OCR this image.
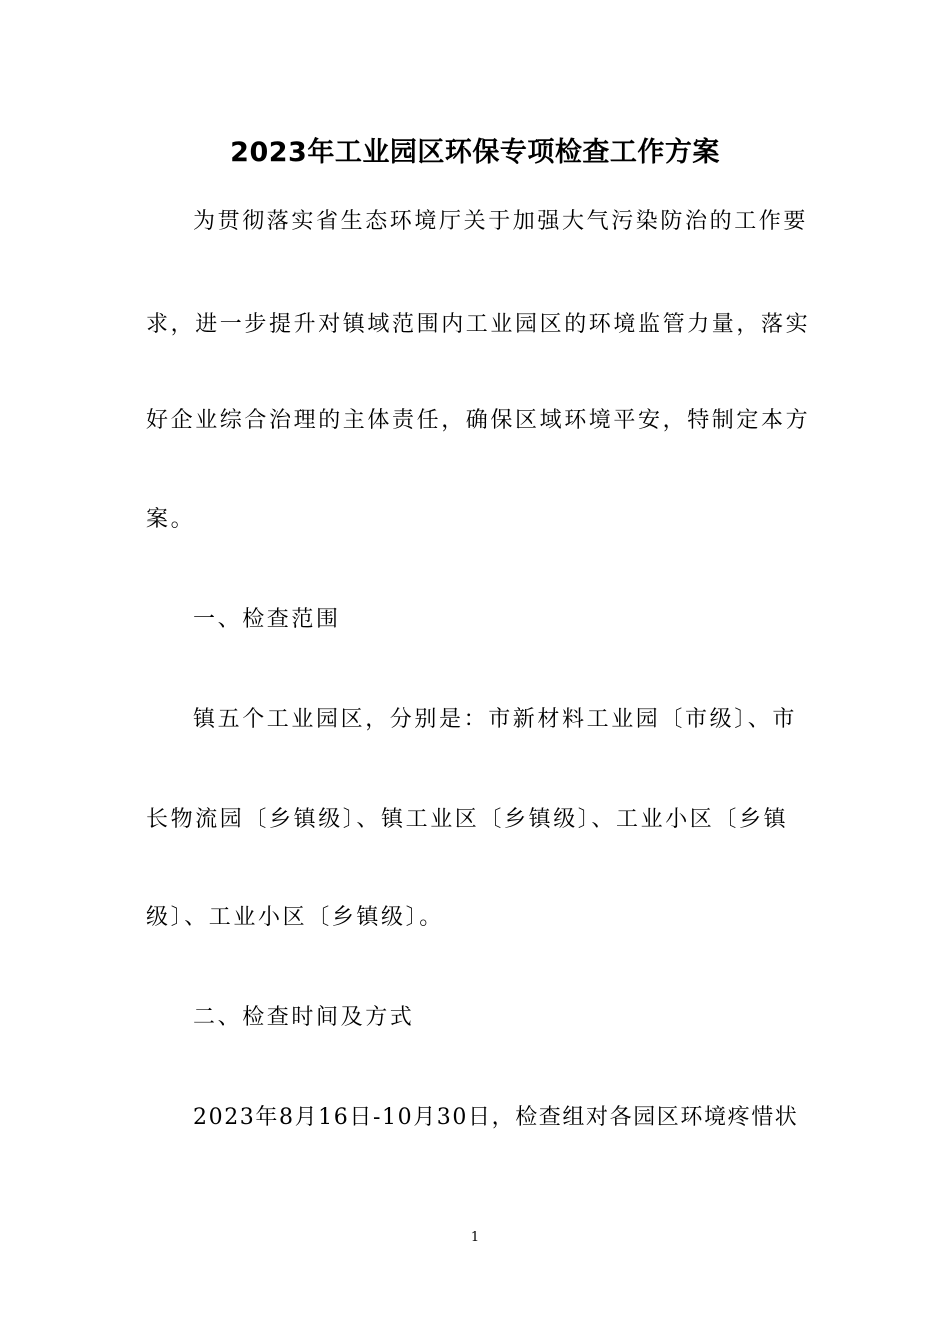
2023年工业园区环保专项检查工作方案
为贯彻落实省生态环境厅关于加强大气污染防治的工作要
求，进一步提升对镇域范围内工业园区的环境监管力量，落实
好企业综合治理的主体责任，确保区域环境平安，特制定本方
案。
一、检查范围
镇五个工业园区，分别是：市新材料工业园〔市级〕、市
长物流园〔乡镇级〕、镇工业区〔乡镇级〕、工业小区〔乡镇
级〕、工业小区〔乡镇级〕。
二、检查时间及方式
2023年8月16日-10月30日，检查组对各园区环境疼惜状
1
